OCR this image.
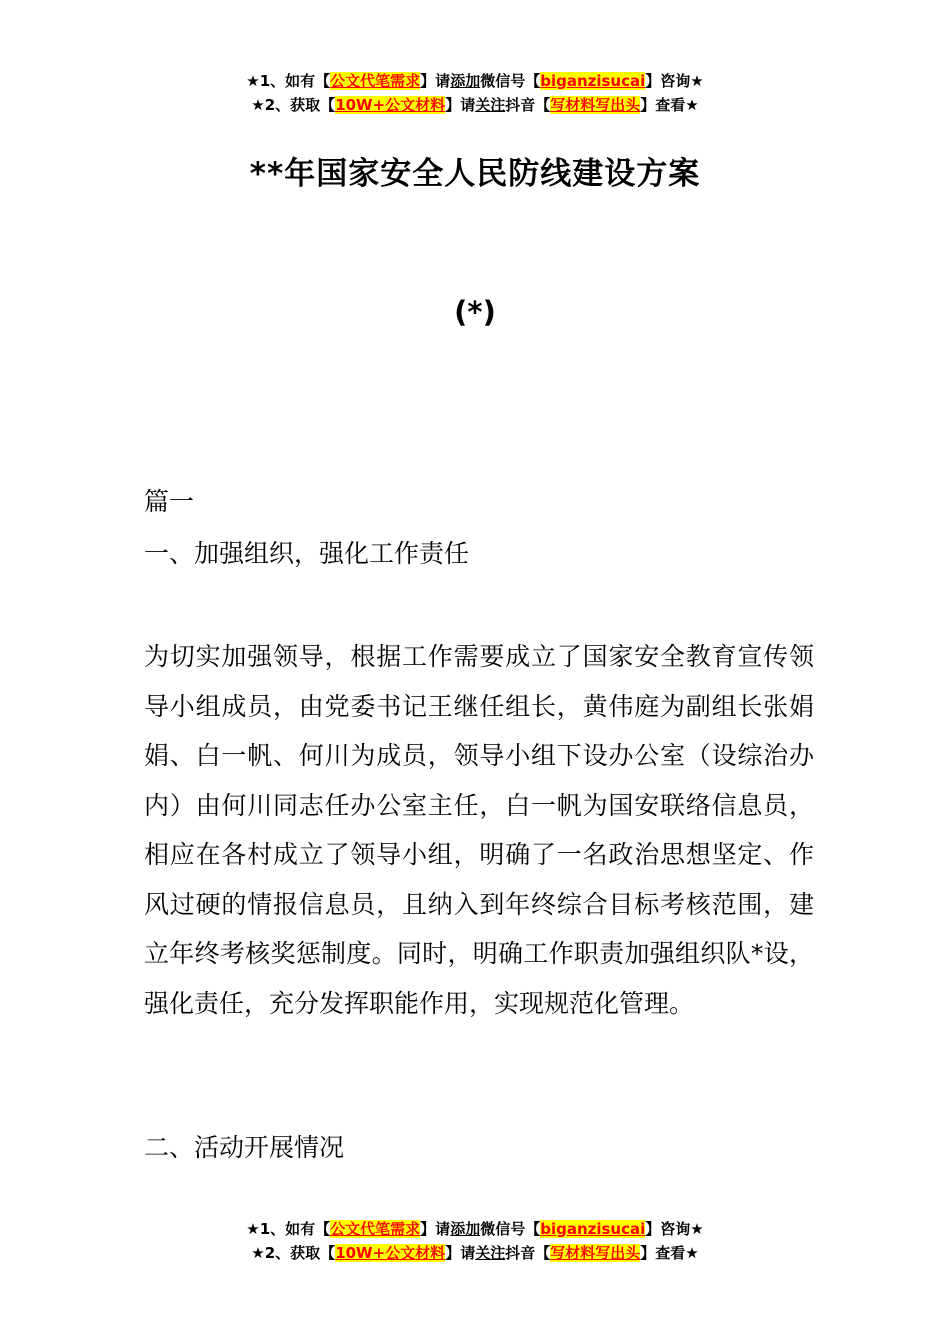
★1、如有【公文代笔需求】请添加微信号【biganzisucai】咨询★
★2、获取【10W+公文材料】请关注抖音【写材料写出头】查看★
**年国家安全人民防线建设方案
(*)
篇一
一、加强组织，强化工作责任
为切实加强领导，根据工作需要成立了国家安全教育宣传领导小组成员，由党委书记王继任组长，黄伟庭为副组长张娟娟、白一帆、何川为成员，领导小组下设办公室（设综治办内）由何川同志任办公室主任，白一帆为国安联络信息员，相应在各村成立了领导小组，明确了一名政治思想坚定、作风过硬的情报信息员，且纳入到年终综合目标考核范围，建立年终考核奖惩制度。同时，明确工作职责加强组织队*设，强化责任，充分发挥职能作用，实现规范化管理。
二、活动开展情况
★1、如有【公文代笔需求】请添加微信号【biganzisucai】咨询★
★2、获取【10W+公文材料】请关注抖音【写材料写出头】查看★
